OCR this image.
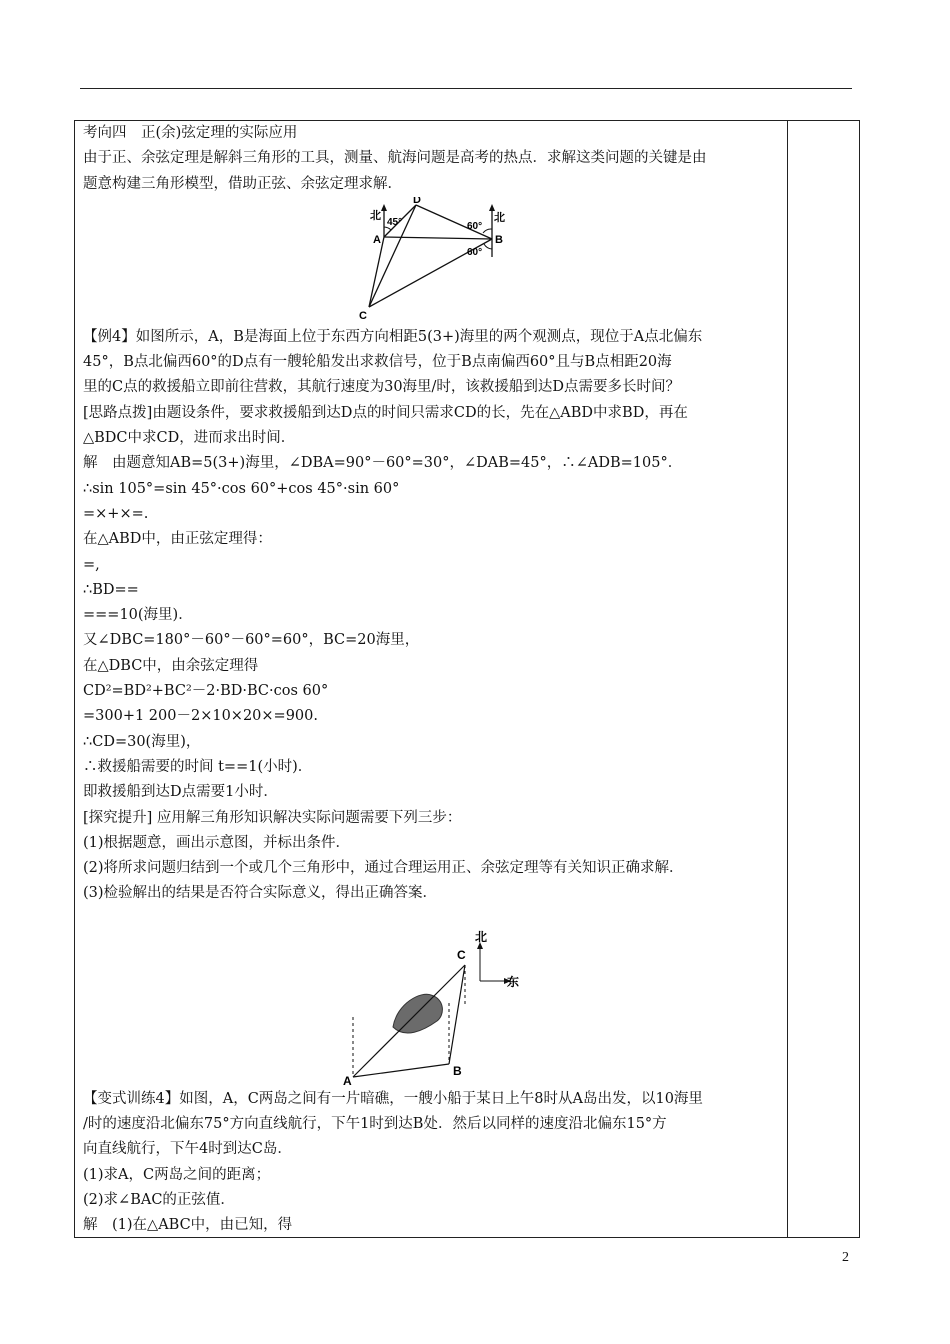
考向四　正(余)弦定理的实际应用
由于正、余弦定理是解斜三角形的工具，测量、航海问题是高考的热点．求解这类问题的关键是由
题意构建三角形模型，借助正弦、余弦定理求解．
北
45°
A
D
60°
北
B
60°
C
【例4】如图所示，A，B是海面上位于东西方向相距5(3+)海里的两个观测点，现位于A点北偏东
45°，B点北偏西60°的D点有一艘轮船发出求救信号，位于B点南偏西60°且与B点相距20海
里的C点的救援船立即前往营救，其航行速度为30海里/时，该救援船到达D点需要多长时间？
[思路点拨]由题设条件，要求救援船到达D点的时间只需求CD的长，先在△ABD中求BD，再在
△BDC中求CD，进而求出时间．
解　由题意知AB=5(3+)海里，∠DBA=90°－60°=30°，∠DAB=45°，∴∠ADB=105°．
∴sin 105°=sin 45°·cos 60°+cos 45°·sin 60°
=×+×=.
在△ABD中，由正弦定理得：
=,
∴BD==
===10(海里)．
又∠DBC=180°－60°－60°=60°，BC=20海里，
在△DBC中，由余弦定理得
CD²=BD²+BC²－2·BD·BC·cos 60°
=300+1 200－2×10×20×=900.
∴CD=30(海里)，
∴救援船需要的时间 t==1(小时)．
即救援船到达D点需要1小时．
[探究提升] 应用解三角形知识解决实际问题需要下列三步：
(1)根据题意，画出示意图，并标出条件．
(2)将所求问题归结到一个或几个三角形中，通过合理运用正、余弦定理等有关知识正确求解．
(3)检验解出的结果是否符合实际意义，得出正确答案．
北
东
C
B
A
【变式训练4】如图，A，C两岛之间有一片暗礁，一艘小船于某日上午8时从A岛出发，以10海里
/时的速度沿北偏东75°方向直线航行，下午1时到达B处．然后以同样的速度沿北偏东15°方
向直线航行，下午4时到达C岛．
(1)求A，C两岛之间的距离；
(2)求∠BAC的正弦值．
解　(1)在△ABC中，由已知，得
2
